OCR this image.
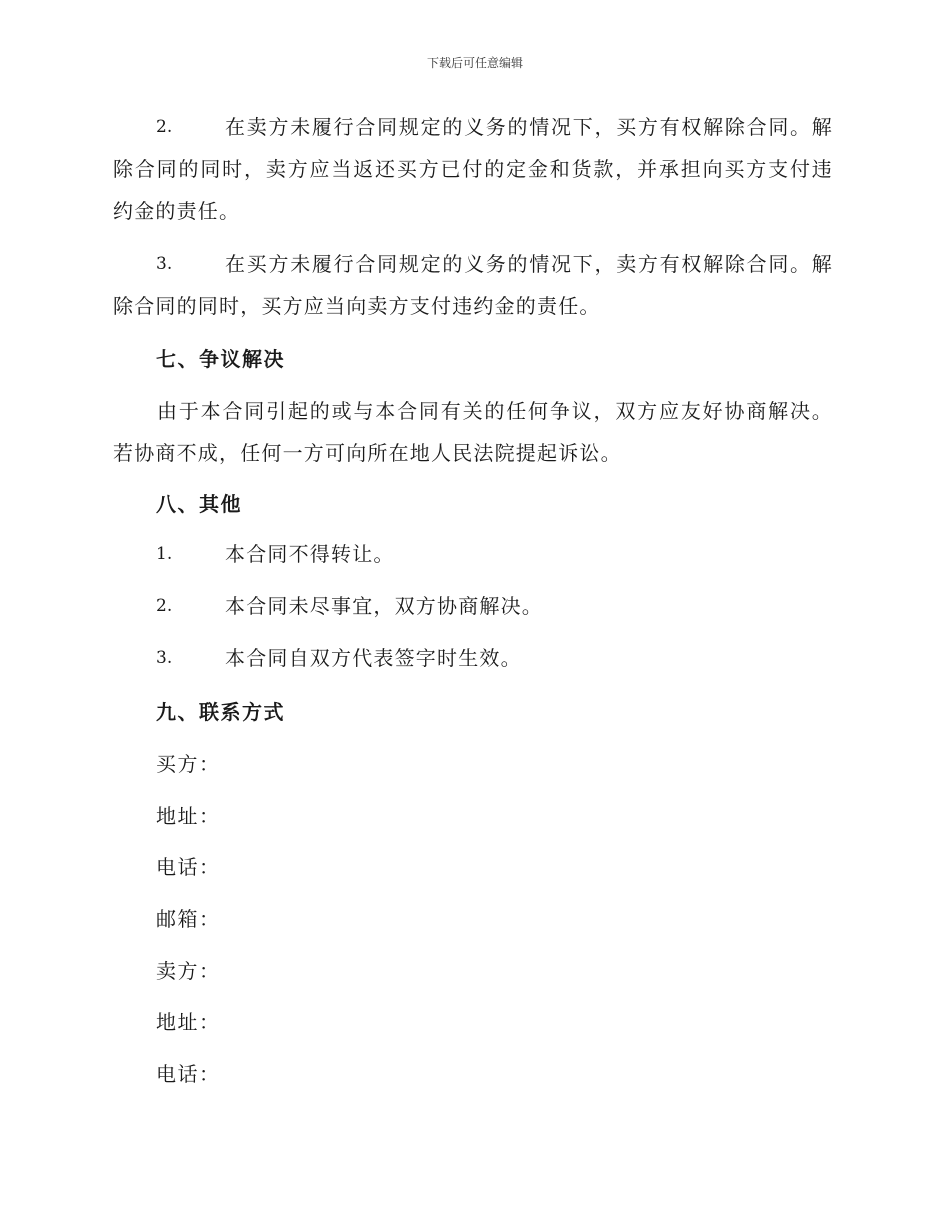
下载后可任意编辑
2.	在卖方未履行合同规定的义务的情况下，买方有权解除合同。解除合同的同时，卖方应当返还买方已付的定金和货款，并承担向买方支付违约金的责任。
3.	在买方未履行合同规定的义务的情况下，卖方有权解除合同。解除合同的同时，买方应当向卖方支付违约金的责任。
七、争议解决
由于本合同引起的或与本合同有关的任何争议，双方应友好协商解决。若协商不成，任何一方可向所在地人民法院提起诉讼。
八、其他
1.	本合同不得转让。
2.	本合同未尽事宜，双方协商解决。
3.	本合同自双方代表签字时生效。
九、联系方式
买方：
地址：
电话：
邮箱：
卖方：
地址：
电话：
